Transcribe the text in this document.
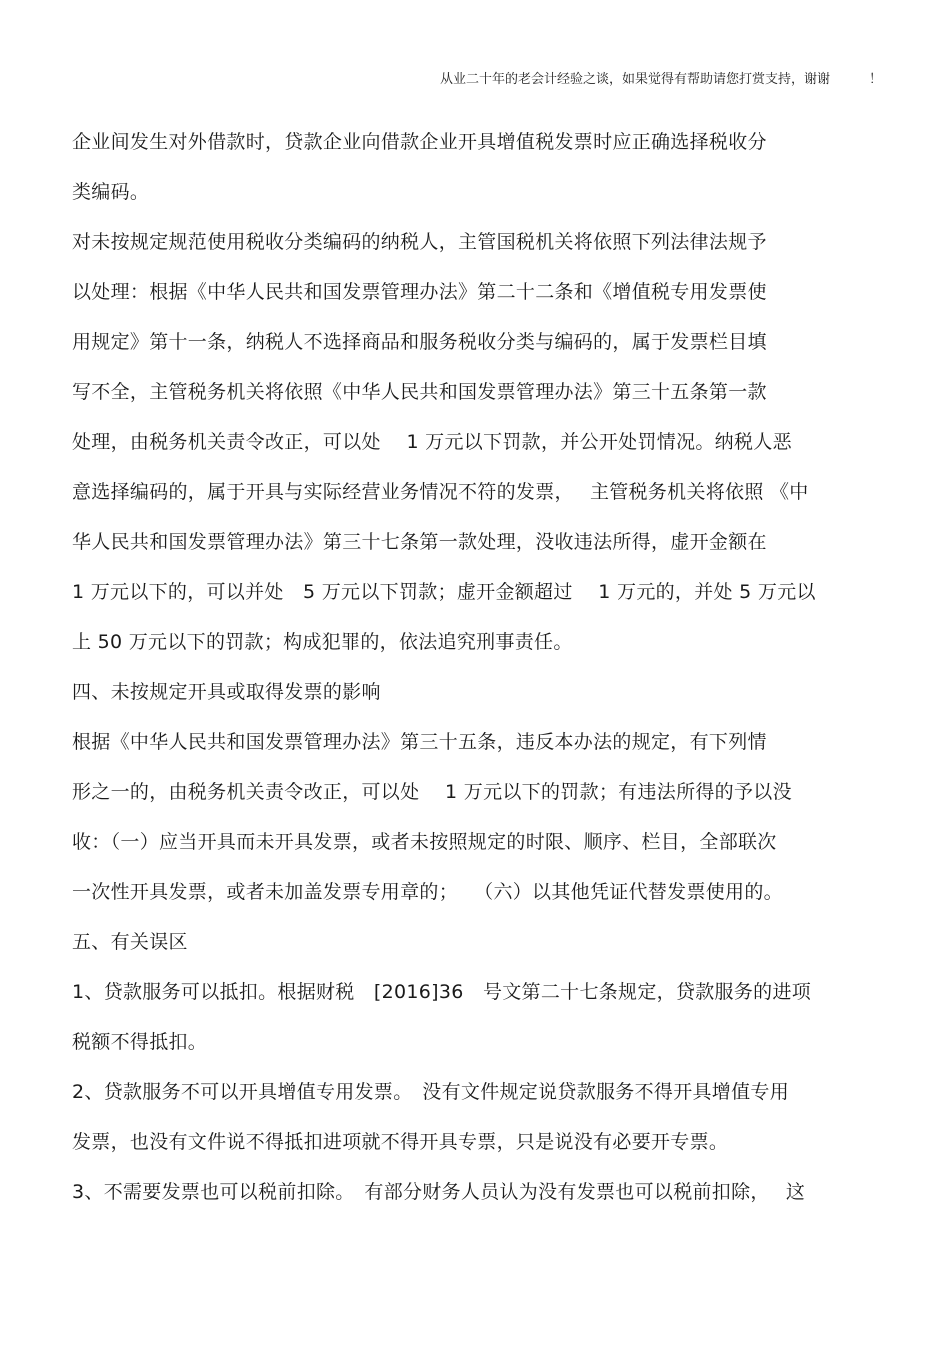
从业二十年的老会计经验之谈，如果觉得有帮助请您打赏支持，谢谢　　　！
企业间发生对外借款时，贷款企业向借款企业开具增值税发票时应正确选择税收分
类编码。
对未按规定规范使用税收分类编码的纳税人，主管国税机关将依照下列法律法规予
以处理：根据《中华人民共和国发票管理办法》第二十二条和《增值税专用发票使
用规定》第十一条，纳税人不选择商品和服务税收分类与编码的，属于发票栏目填
写不全，主管税务机关将依照《中华人民共和国发票管理办法》第三十五条第一款
处理，由税务机关责令改正，可以处　 1 万元以下罚款，并公开处罚情况。纳税人恶
意选择编码的，属于开具与实际经营业务情况不符的发票，　 主管税务机关将依照 《中
华人民共和国发票管理办法》第三十七条第一款处理，没收违法所得，虚开金额在
1 万元以下的，可以并处　5 万元以下罚款；虚开金额超过　 1 万元的，并处 5 万元以
上 50 万元以下的罚款；构成犯罪的，依法追究刑事责任。
四、未按规定开具或取得发票的影响
根据《中华人民共和国发票管理办法》第三十五条，违反本办法的规定，有下列情
形之一的，由税务机关责令改正，可以处　 1 万元以下的罚款；有违法所得的予以没
收：（一）应当开具而未开具发票，或者未按照规定的时限、顺序、栏目，全部联次
一次性开具发票，或者未加盖发票专用章的；　 （六）以其他凭证代替发票使用的。
五、有关误区
1、贷款服务可以抵扣。根据财税　[2016]36　号文第二十七条规定，贷款服务的进项
税额不得抵扣。
2、贷款服务不可以开具增值专用发票。　没有文件规定说贷款服务不得开具增值专用
发票，也没有文件说不得抵扣进项就不得开具专票，只是说没有必要开专票。
3、不需要发票也可以税前扣除。　有部分财务人员认为没有发票也可以税前扣除，　 这
